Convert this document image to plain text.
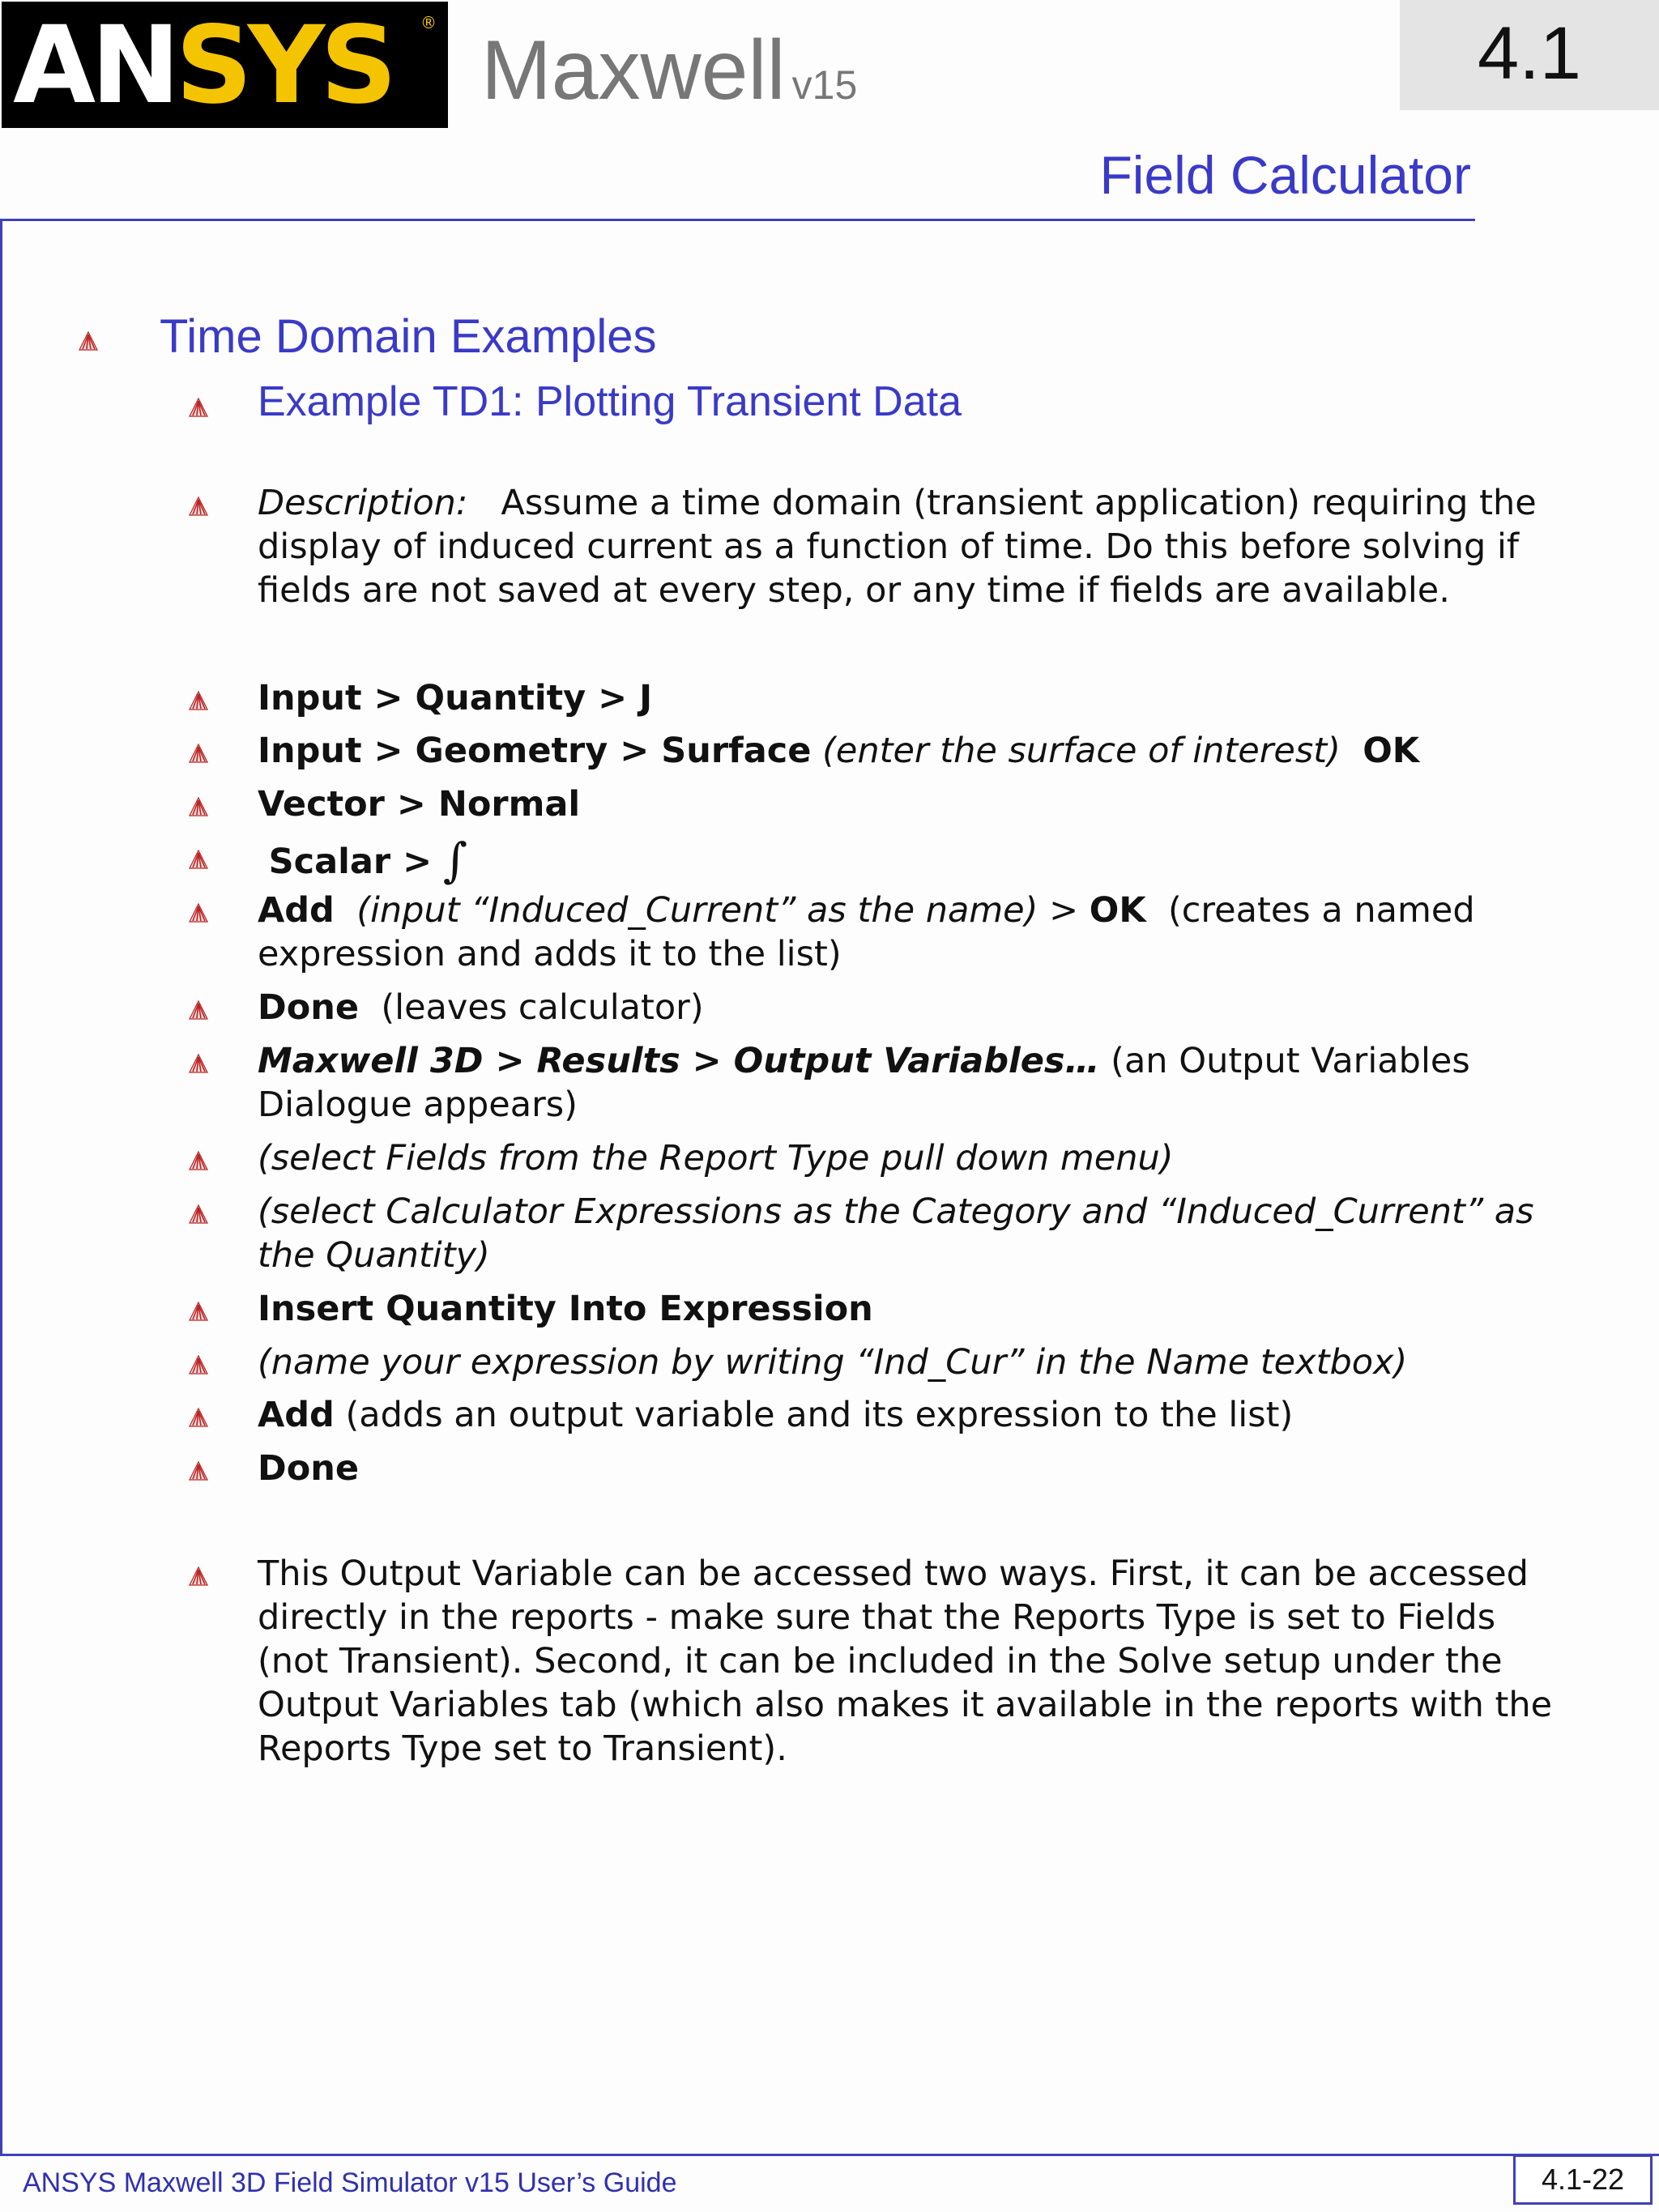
ANSYS ®
Maxwell v15	4.1
Field Calculator
Time Domain Examples
Example TD1: Plotting Transient Data
Description: Assume a time domain (transient application) requiring the display of induced current as a function of time. Do this before solving if fields are not saved at every step, or any time if fields are available.
Input > Quantity > J
Input > Geometry > Surface (enter the surface of interest) OK
Vector > Normal
Scalar > ∫
Add (input “Induced_Current” as the name) > OK (creates a named expression and adds it to the list)
Done (leaves calculator)
Maxwell 3D > Results > Output Variables… (an Output Variables Dialogue appears)
(select Fields from the Report Type pull down menu)
(select Calculator Expressions as the Category and “Induced_Current” as the Quantity)
Insert Quantity Into Expression
(name your expression by writing “Ind_Cur” in the Name textbox)
Add (adds an output variable and its expression to the list)
Done
This Output Variable can be accessed two ways. First, it can be accessed directly in the reports - make sure that the Reports Type is set to Fields (not Transient). Second, it can be included in the Solve setup under the Output Variables tab (which also makes it available in the reports with the Reports Type set to Transient).
ANSYS Maxwell 3D Field Simulator v15 User’s Guide	4.1-22
